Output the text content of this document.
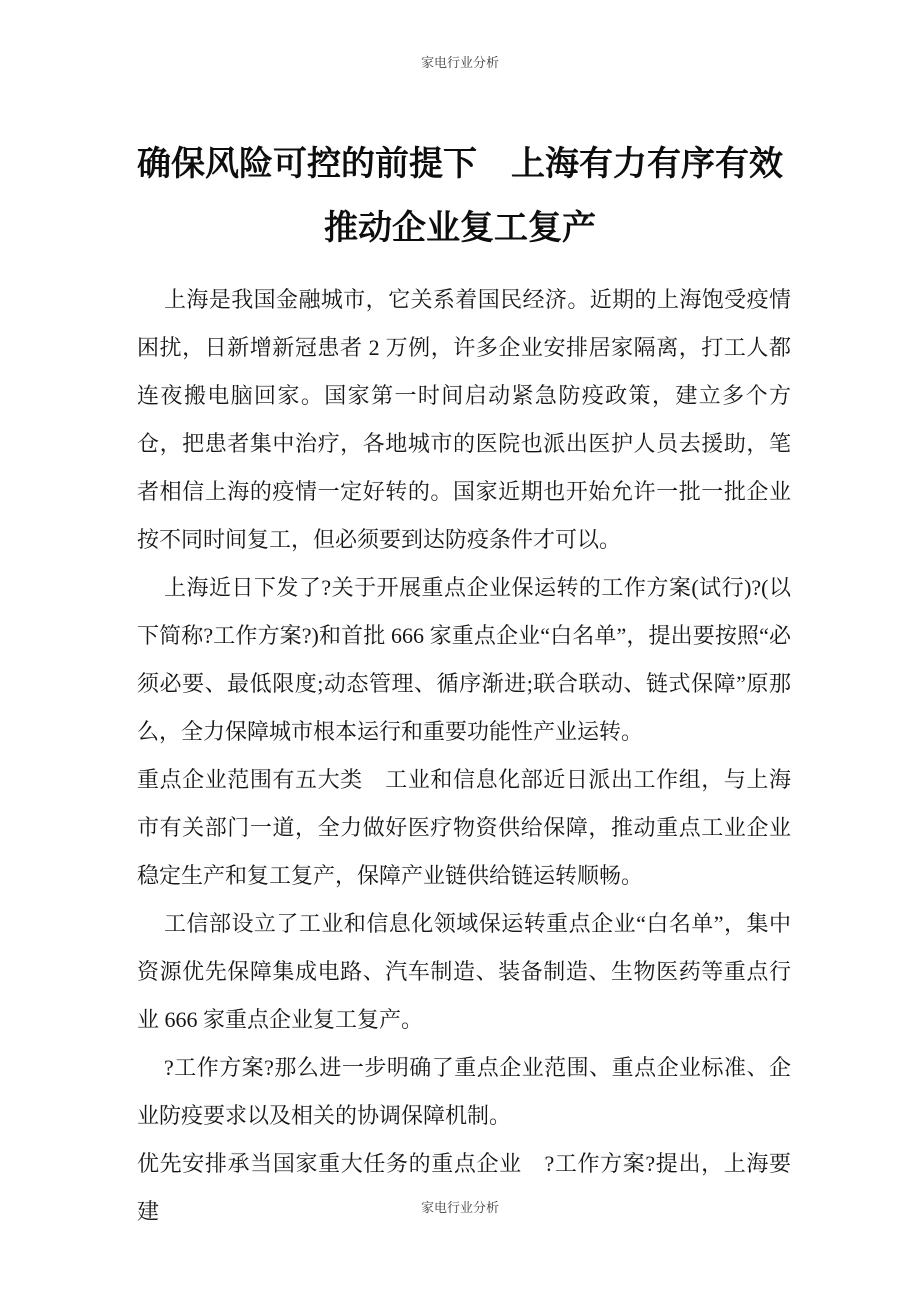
家电行业分析
确保风险可控的前提下　上海有力有序有效
推动企业复工复产

上海是我国金融城市，它关系着国民经济。近期的上海饱受疫情困扰，日新增新冠患者 2 万例，许多企业安排居家隔离，打工人都连夜搬电脑回家。国家第一时间启动紧急防疫政策，建立多个方仓，把患者集中治疗，各地城市的医院也派出医护人员去援助，笔者相信上海的疫情一定好转的。国家近期也开始允许一批一批企业按不同时间复工，但必须要到达防疫条件才可以。

上海近日下发了?关于开展重点企业保运转的工作方案(试行)?(以下简称?工作方案?)和首批 666 家重点企业“白名单”，提出要按照“必须必要、最低限度;动态管理、循序渐进;联合联动、链式保障”原那么，全力保障城市根本运行和重要功能性产业运转。

重点企业范围有五大类　工业和信息化部近日派出工作组，与上海市有关部门一道，全力做好医疗物资供给保障，推动重点工业企业稳定生产和复工复产，保障产业链供给链运转顺畅。

工信部设立了工业和信息化领域保运转重点企业“白名单”，集中资源优先保障集成电路、汽车制造、装备制造、生物医药等重点行业 666 家重点企业复工复产。

?工作方案?那么进一步明确了重点企业范围、重点企业标准、企业防疫要求以及相关的协调保障机制。

优先安排承当国家重大任务的重点企业　?工作方案?提出，上海要建	家电行业分析
